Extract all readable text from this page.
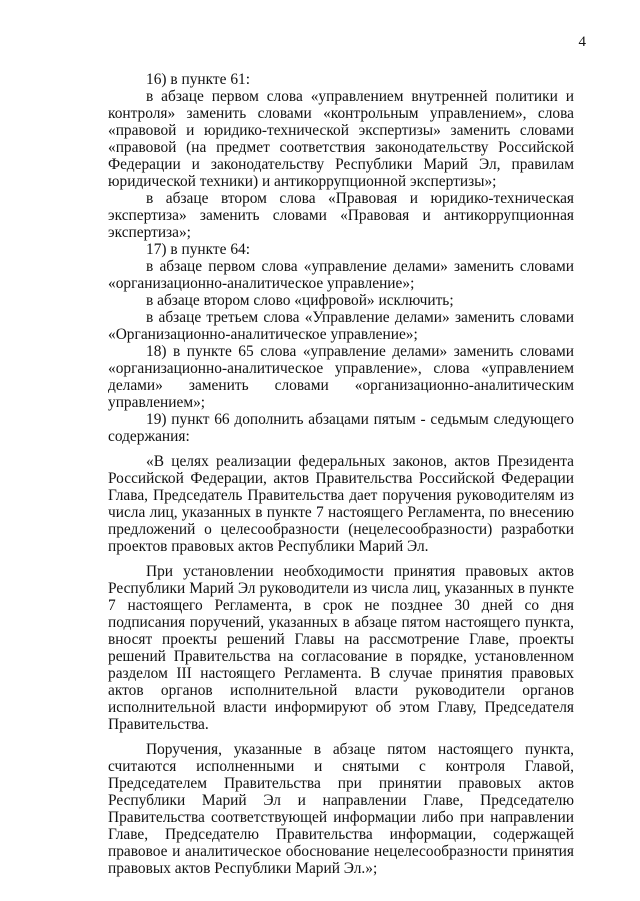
4

16) в пункте 61:

в абзаце первом слова «управлением внутренней политики и контроля» заменить словами «контрольным управлением», слова «правовой и юридико-технической экспертизы» заменить словами «правовой (на предмет соответствия законодательству Российской Федерации и законодательству Республики Марий Эл, правилам юридической техники) и антикоррупционной экспертизы»;

в абзаце втором слова «Правовая и юридико-техническая экспертиза» заменить словами «Правовая и антикоррупционная экспертиза»;

17) в пункте 64:

в абзаце первом слова «управление делами» заменить словами «организационно-аналитическое управление»;

в абзаце втором слово «цифровой» исключить;

в абзаце третьем слова «Управление делами» заменить словами «Организационно-аналитическое управление»;

18) в пункте 65 слова «управление делами» заменить словами «организационно-аналитическое управление», слова «управлением делами» заменить словами «организационно-аналитическим управлением»;

19) пункт 66 дополнить абзацами пятым - седьмым следующего содержания:

«В целях реализации федеральных законов, актов Президента Российской Федерации, актов Правительства Российской Федерации Глава, Председатель Правительства дает поручения руководителям из числа лиц, указанных в пункте 7 настоящего Регламента, по внесению предложений о целесообразности (нецелесообразности) разработки проектов правовых актов Республики Марий Эл.

При установлении необходимости принятия правовых актов Республики Марий Эл руководители из числа лиц, указанных в пункте 7 настоящего Регламента, в срок не позднее 30 дней со дня подписания поручений, указанных в абзаце пятом настоящего пункта, вносят проекты решений Главы на рассмотрение Главе, проекты решений Правительства на согласование в порядке, установленном разделом III настоящего Регламента. В случае принятия правовых актов органов исполнительной власти руководители органов исполнительной власти информируют об этом Главу, Председателя Правительства.

Поручения, указанные в абзаце пятом настоящего пункта, считаются исполненными и снятыми с контроля Главой, Председателем Правительства при принятии правовых актов Республики Марий Эл и направлении Главе, Председателю Правительства соответствующей информации либо при направлении Главе, Председателю Правительства информации, содержащей правовое и аналитическое обоснование нецелесообразности принятия правовых актов Республики Марий Эл.»;
